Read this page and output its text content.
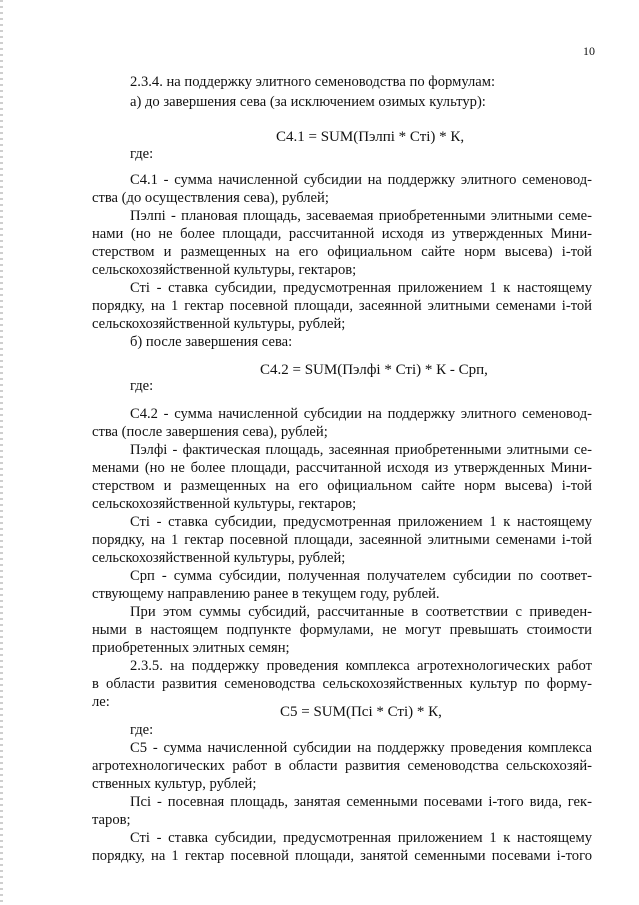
10
2.3.4. на поддержку элитного семеноводства по формулам:
а) до завершения сева (за исключением озимых культур):
С4.1 = SUM(Пэлпі * Сті) * К,
где:
С4.1 - сумма начисленной субсидии на поддержку элитного семеновод-
ства (до осуществления сева), рублей;
Пэлпi - плановая площадь, засеваемая приобретенными элитными семе-
нами (но не более площади, рассчитанной исходя из утвержденных Мини-
стерством и размещенных на его официальном сайте норм высева) i-той
сельскохозяйственной культуры, гектаров;
Сті - ставка субсидии, предусмотренная приложением 1 к настоящему
порядку, на 1 гектар посевной площади, засеянной элитными семенами i-той
сельскохозяйственной культуры, рублей;
б) после завершения сева:
С4.2 = SUM(Пэлфі * Сті) * К - Срп,
где:
С4.2 - сумма начисленной субсидии на поддержку элитного семеновод-
ства (после завершения сева), рублей;
Пэлфi - фактическая площадь, засеянная приобретенными элитными се-
менами (но не более площади, рассчитанной исходя из утвержденных Мини-
стерством и размещенных на его официальном сайте норм высева) i-той
сельскохозяйственной культуры, гектаров;
Сті - ставка субсидии, предусмотренная приложением 1 к настоящему
порядку, на 1 гектар посевной площади, засеянной элитными семенами i-той
сельскохозяйственной культуры, рублей;
Срп - сумма субсидии, полученная получателем субсидии по соответ-
ствующему направлению ранее в текущем году, рублей.
При этом суммы субсидий, рассчитанные в соответствии с приведен-
ными в настоящем подпункте формулами, не могут превышать стоимости
приобретенных элитных семян;
2.3.5. на поддержку проведения комплекса агротехнологических работ
в области развития семеноводства сельскохозяйственных культур по форму-
ле:
С5 = SUM(Псі * Сті) * К,
где:
С5 - сумма начисленной субсидии на поддержку проведения комплекса
агротехнологических работ в области развития семеноводства сельскохозяй-
ственных культур, рублей;
Псі - посевная площадь, занятая семенными посевами i-того вида, гек-
таров;
Сті - ставка субсидии, предусмотренная приложением 1 к настоящему
порядку, на 1 гектар посевной площади, занятой семенными посевами i-того
